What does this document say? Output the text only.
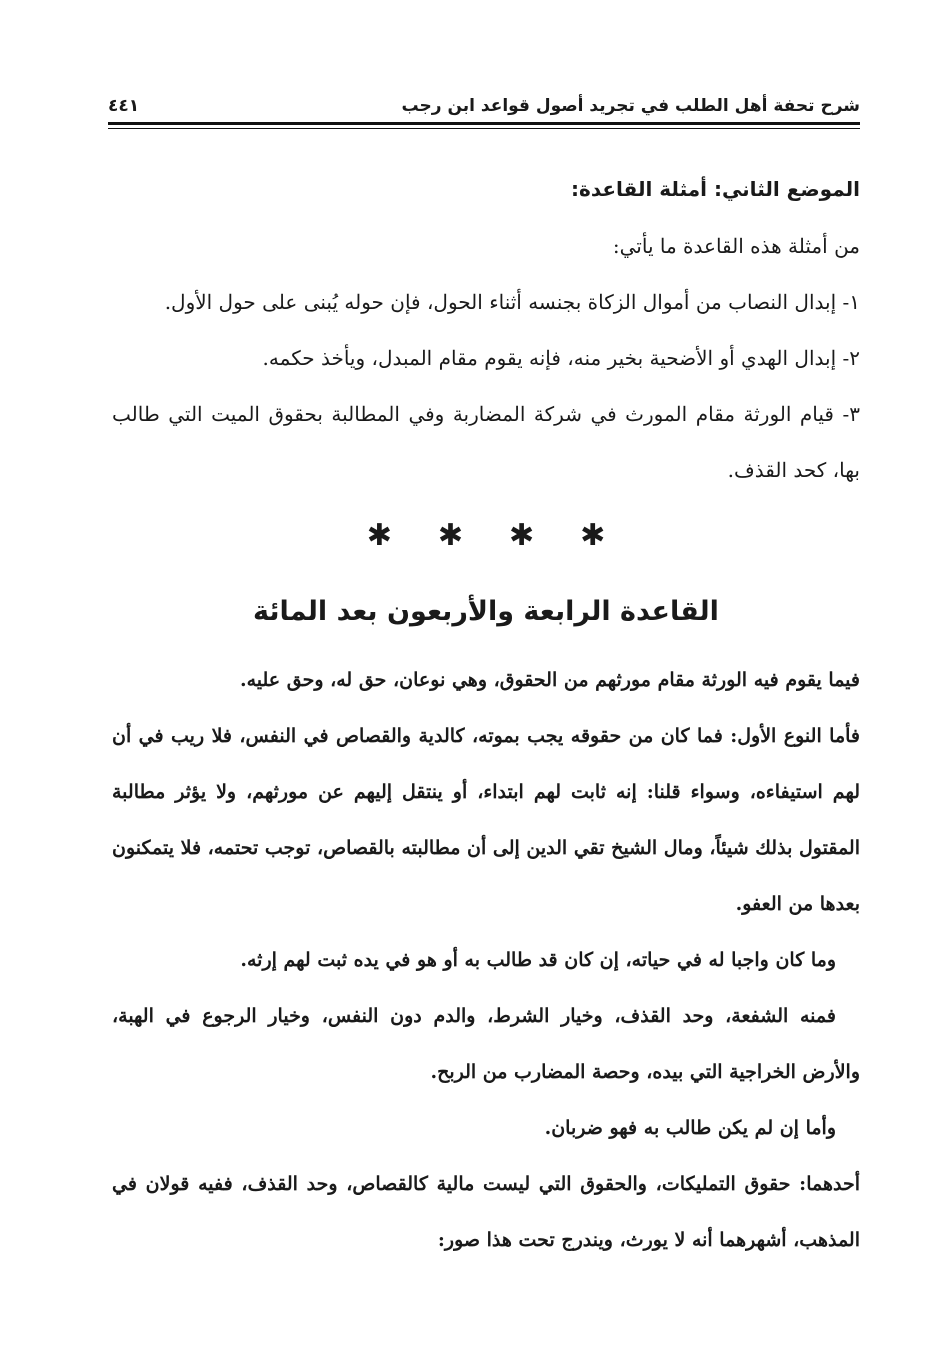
شرح تحفة أهل الطلب في تجريد أصول قواعد ابن رجب
٤٤١

الموضع الثاني: أمثلة القاعدة:

من أمثلة هذه القاعدة ما يأتي:

١- إبدال النصاب من أموال الزكاة بجنسه أثناء الحول، فإن حوله يُبنى على حول الأول.

٢- إبدال الهدي أو الأضحية بخير منه، فإنه يقوم مقام المبدل، ويأخذ حكمه.

٣- قيام الورثة مقام المورث في شركة المضاربة وفي المطالبة بحقوق الميت التي طالب بها، كحد القذف.

✱
✱
✱
✱
القاعدة الرابعة والأربعون بعد المائة

فيما يقوم فيه الورثة مقام مورثهم من الحقوق، وهي نوعان، حق له، وحق عليه.

فأما النوع الأول: فما كان من حقوقه يجب بموته، كالدية والقصاص في النفس، فلا ريب في أن لهم استيفاءه، وسواء قلنا: إنه ثابت لهم ابتداء، أو ينتقل إليهم عن مورثهم، ولا يؤثر مطالبة المقتول بذلك شيئاً، ومال الشيخ تقي الدين إلى أن مطالبته بالقصاص، توجب تحتمه، فلا يتمكنون بعدها من العفو.

وما كان واجبا له في حياته، إن كان قد طالب به أو هو في يده ثبت لهم إرثه.

فمنه الشفعة، وحد القذف، وخيار الشرط، والدم دون النفس، وخيار الرجوع في الهبة، والأرض الخراجية التي بيده، وحصة المضارب من الربح.

وأما إن لم يكن طالب به فهو ضربان.

أحدهما: حقوق التمليكات، والحقوق التي ليست مالية كالقصاص، وحد القذف، ففيه قولان في المذهب، أشهرهما أنه لا يورث، ويندرج تحت هذا صور:
